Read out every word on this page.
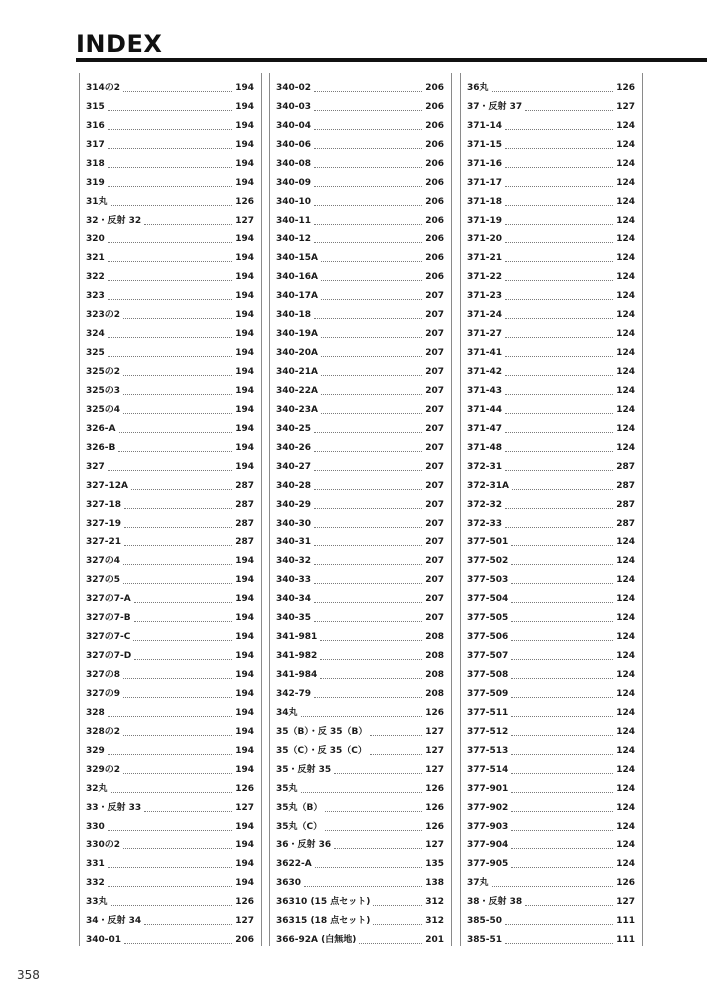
INDEX
314の2	194
315	194
316	194
317	194
318	194
319	194
31丸	126
32・反射 32	127
320	194
321	194
322	194
323	194
323の2	194
324	194
325	194
325の2	194
325の3	194
325の4	194
326-A	194
326-B	194
327	194
327-12A	287
327-18	287
327-19	287
327-21	287
327の4	194
327の5	194
327の7-A	194
327の7-B	194
327の7-C	194
327の7-D	194
327の8	194
327の9	194
328	194
328の2	194
329	194
329の2	194
32丸	126
33・反射 33	127
330	194
330の2	194
331	194
332	194
33丸	126
34・反射 34	127
340-01	206
340-02	206
340-03	206
340-04	206
340-06	206
340-08	206
340-09	206
340-10	206
340-11	206
340-12	206
340-15A	206
340-16A	206
340-17A	207
340-18	207
340-19A	207
340-20A	207
340-21A	207
340-22A	207
340-23A	207
340-25	207
340-26	207
340-27	207
340-28	207
340-29	207
340-30	207
340-31	207
340-32	207
340-33	207
340-34	207
340-35	207
341-981	208
341-982	208
341-984	208
342-79	208
34丸	126
35（B）・反 35（B）	127
35（C）・反 35（C）	127
35・反射 35	127
35丸	126
35丸（B）	126
35丸（C）	126
36・反射 36	127
3622-A	135
3630	138
36310 (15 点セット)	312
36315 (18 点セット)	312
366-92A (白無地)	201
36丸	126
37・反射 37	127
371-14	124
371-15	124
371-16	124
371-17	124
371-18	124
371-19	124
371-20	124
371-21	124
371-22	124
371-23	124
371-24	124
371-27	124
371-41	124
371-42	124
371-43	124
371-44	124
371-47	124
371-48	124
372-31	287
372-31A	287
372-32	287
372-33	287
377-501	124
377-502	124
377-503	124
377-504	124
377-505	124
377-506	124
377-507	124
377-508	124
377-509	124
377-511	124
377-512	124
377-513	124
377-514	124
377-901	124
377-902	124
377-903	124
377-904	124
377-905	124
37丸	126
38・反射 38	127
385-50	111
385-51	111
358
